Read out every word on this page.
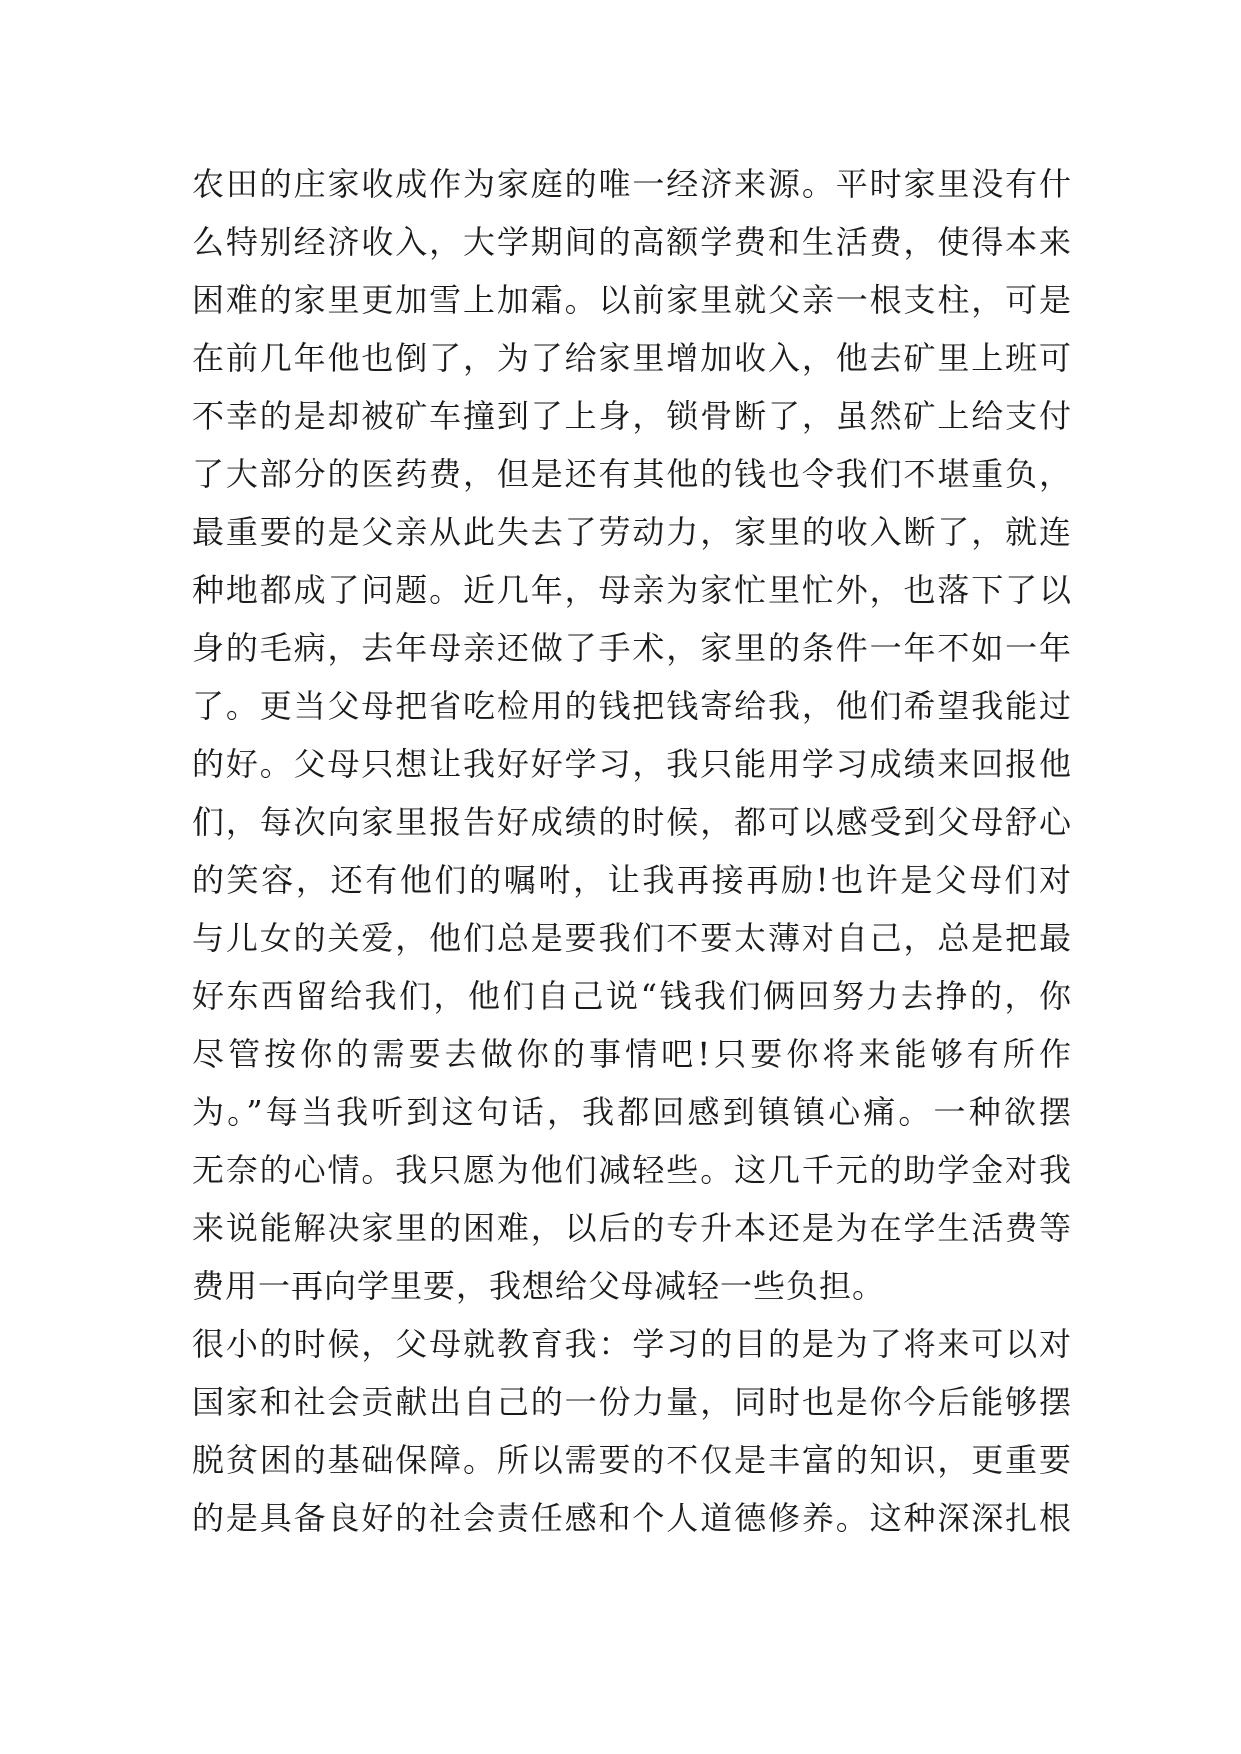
农田的庄家收成作为家庭的唯一经济来源。平时家里没有什
么特别经济收入，大学期间的高额学费和生活费，使得本来
困难的家里更加雪上加霜。以前家里就父亲一根支柱，可是
在前几年他也倒了，为了给家里增加收入，他去矿里上班可
不幸的是却被矿车撞到了上身，锁骨断了，虽然矿上给支付
了大部分的医药费，但是还有其他的钱也令我们不堪重负，
最重要的是父亲从此失去了劳动力，家里的收入断了，就连
种地都成了问题。近几年，母亲为家忙里忙外，也落下了以
身的毛病，去年母亲还做了手术，家里的条件一年不如一年
了。更当父母把省吃检用的钱把钱寄给我，他们希望我能过
的好。父母只想让我好好学习，我只能用学习成绩来回报他
们，每次向家里报告好成绩的时候，都可以感受到父母舒心
的笑容，还有他们的嘱咐，让我再接再励!也许是父母们对
与儿女的关爱，他们总是要我们不要太薄对自己，总是把最
好东西留给我们，他们自己说“钱我们俩回努力去挣的，你
尽管按你的需要去做你的事情吧!只要你将来能够有所作
为。”每当我听到这句话，我都回感到镇镇心痛。一种欲摆
无奈的心情。我只愿为他们减轻些。这几千元的助学金对我
来说能解决家里的困难，以后的专升本还是为在学生活费等
费用一再向学里要，我想给父母减轻一些负担。
很小的时候，父母就教育我：学习的目的是为了将来可以对
国家和社会贡献出自己的一份力量，同时也是你今后能够摆
脱贫困的基础保障。所以需要的不仅是丰富的知识，更重要
的是具备良好的社会责任感和个人道德修养。这种深深扎根
